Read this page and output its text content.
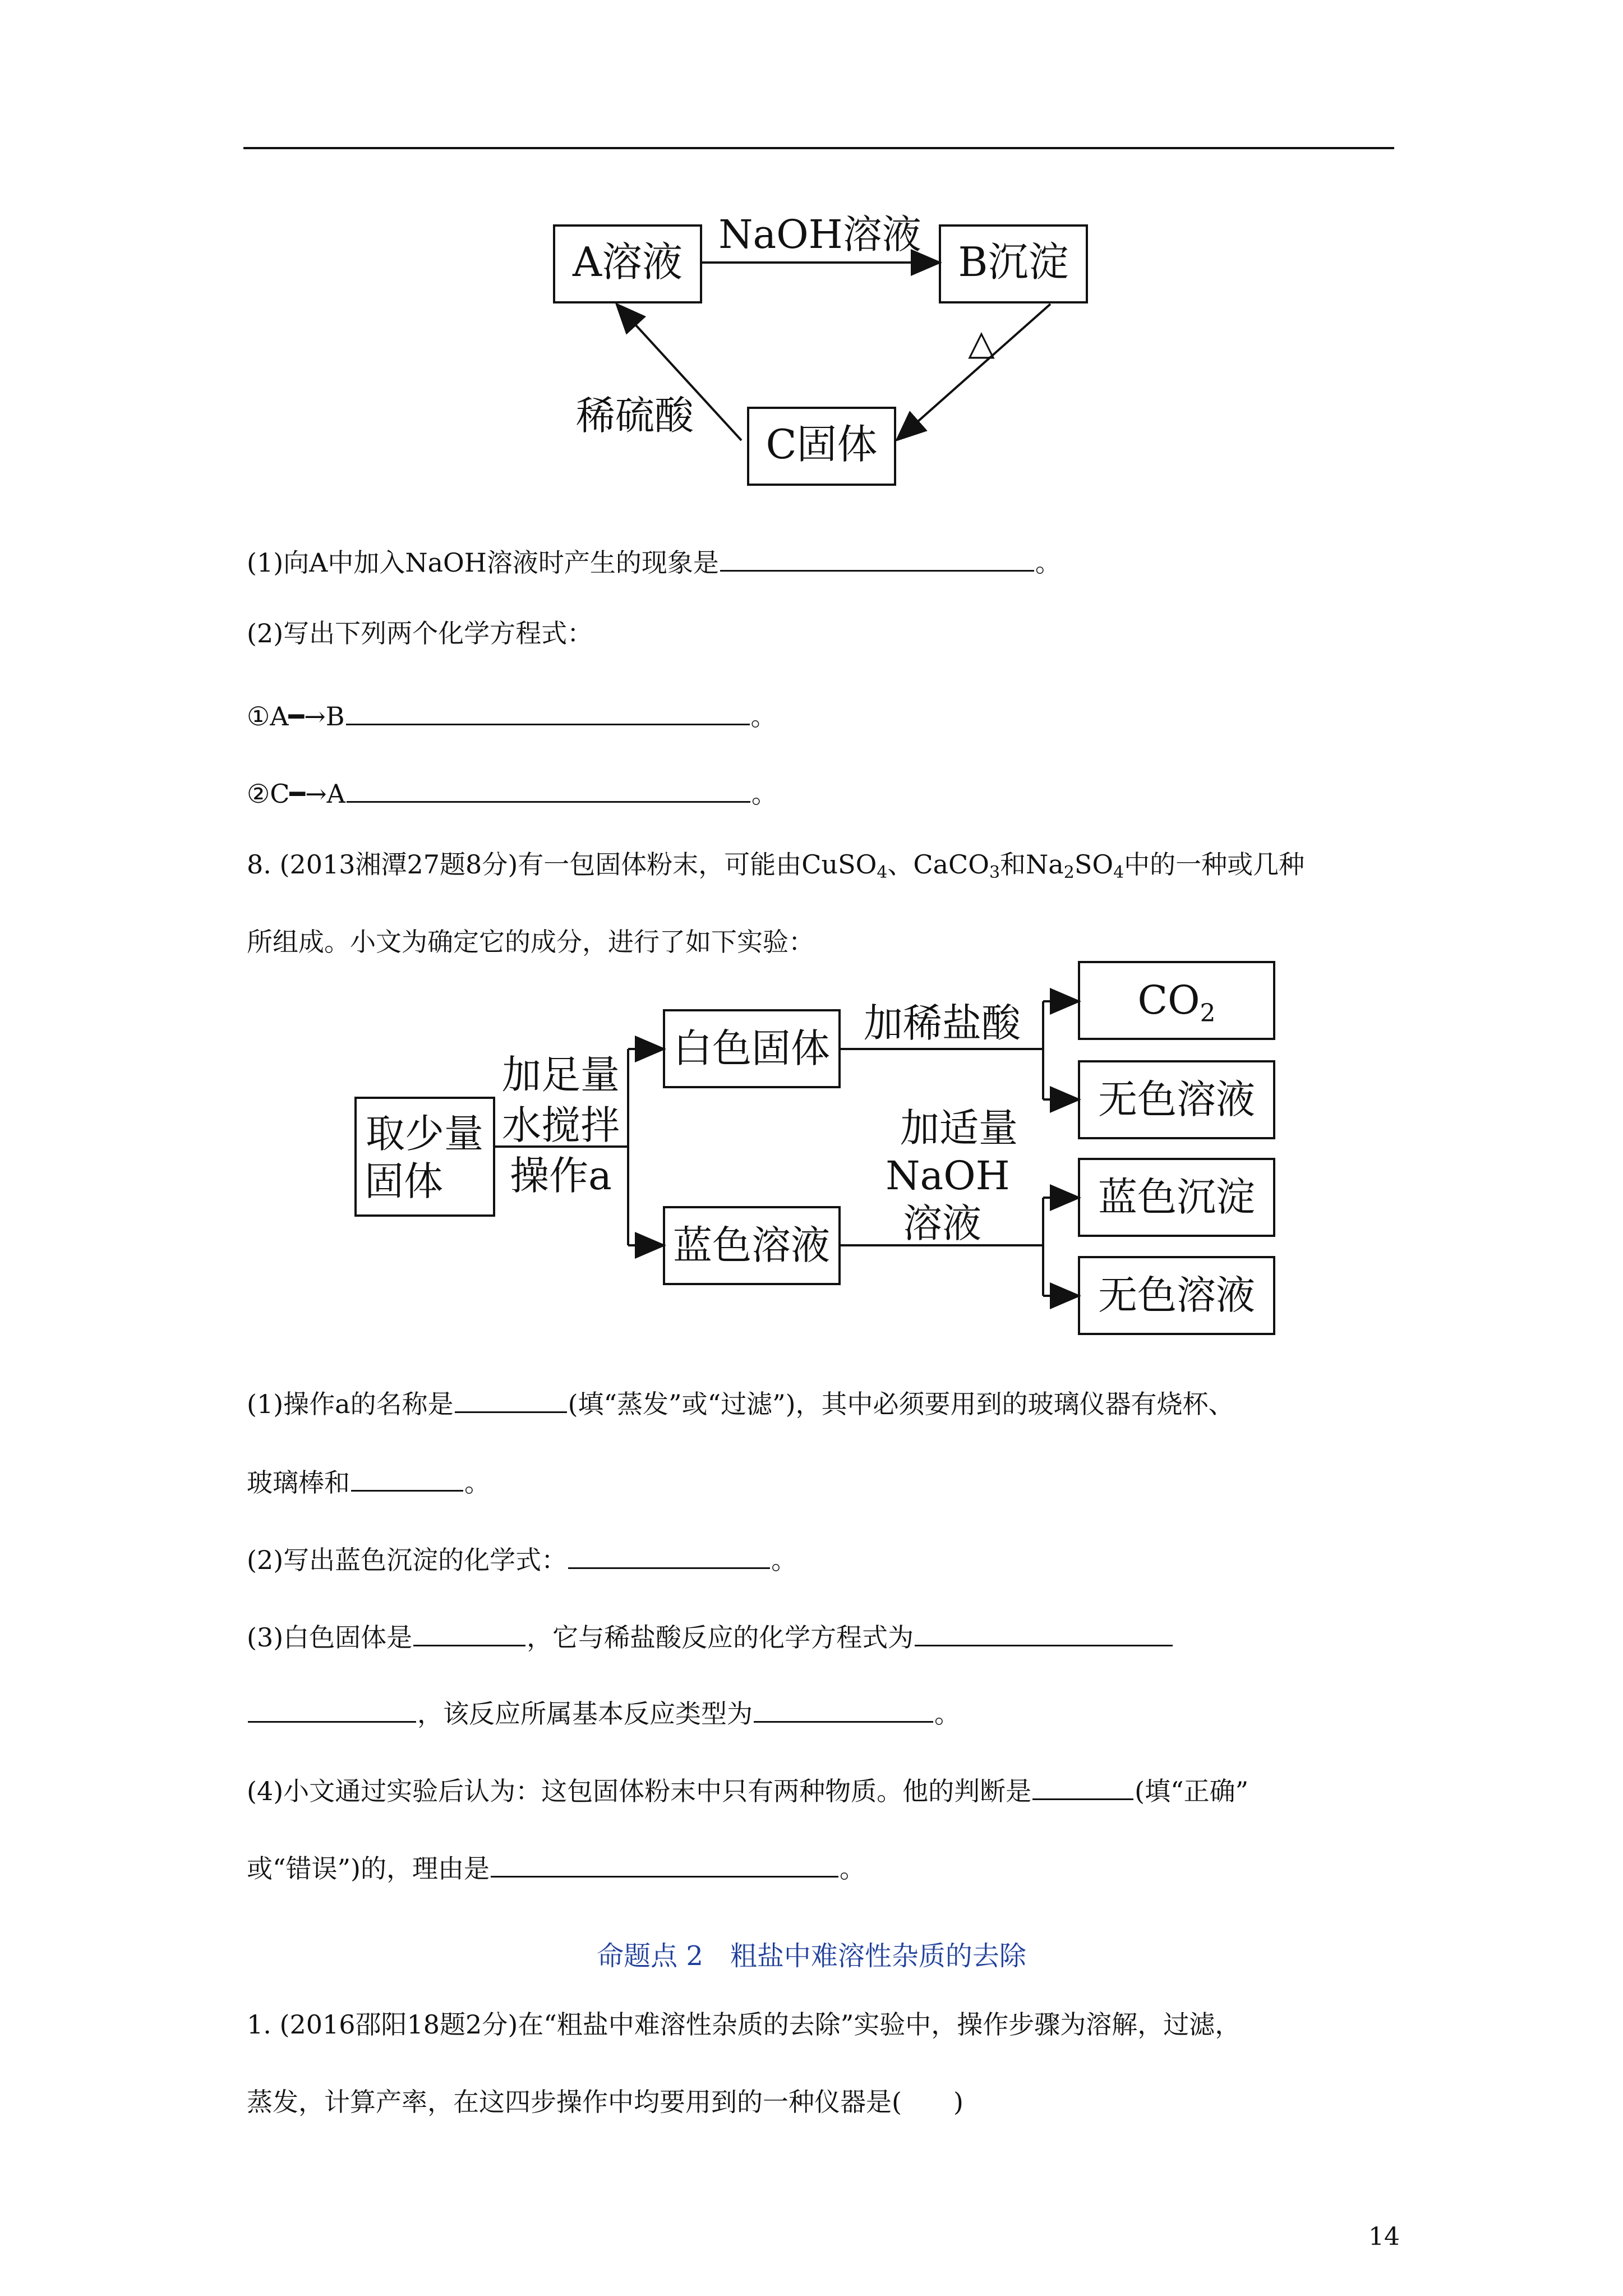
A溶液	B沉淀
C固体
NaOH溶液
△
稀硫酸
(1)向A中加入NaOH溶液时产生的现象是	。
(2)写出下列两个化学方程式：
①A━→B	。
②C━→A	。
8. (2013湘潭27题8分)有一包固体粉末，可能由CuSO$_4$、CaCO$_3$和$Na_2SO_4$中的一种或几种
所组成。小文为确定它的成分，进行了如下实验：
取少量
固体
加足量
水搅拌
操作a
白色固体
蓝色溶液
加稀盐酸	$CO_2$
无色溶液
加适量
NaOH
溶液
蓝色沉淀
无色溶液
(1)操作a的名称是	(填“蒸发”或“过滤”)，其中必须要用到的玻璃仪器有烧杯、
玻璃棒和	。
(2)写出蓝色沉淀的化学式：	。
(3)白色固体是	，它与稀盐酸反应的化学方程式为
，该反应所属基本反应类型为	。
(4)小文通过实验后认为：这包固体粉末中只有两种物质。他的判断是	(填“正确”
或“错误”)的，理由是	。
命题点 2　粗盐中难溶性杂质的去除
1. (2016邵阳18题2分)在“粗盐中难溶性杂质的去除”实验中，操作步骤为溶解，过滤，
蒸发，计算产率，在这四步操作中均要用到的一种仪器是(　　)
14
